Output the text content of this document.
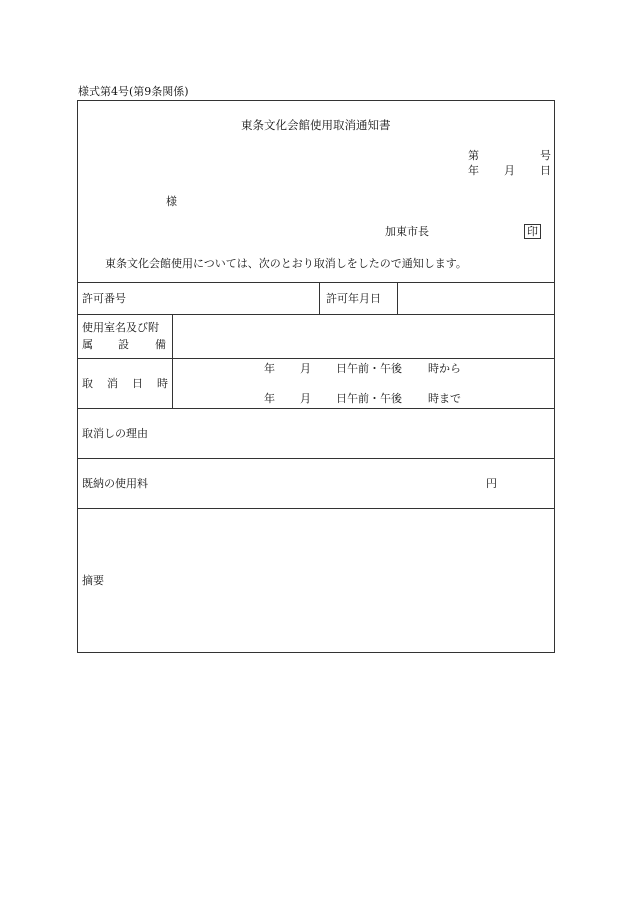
様式第4号(第9条関係)
東条文化会館使用取消通知書
第	号
年 月 日
様
加東市長	印
東条文化会館使用については、次のとおり取消しをしたので通知します。
許可番号	許可年月日
使用室名及び附
属 設 備
取 消 日 時
年 月 日午前・午後 時から
年 月 日午前・午後 時まで
取消しの理由
既納の使用料	円
摘要
